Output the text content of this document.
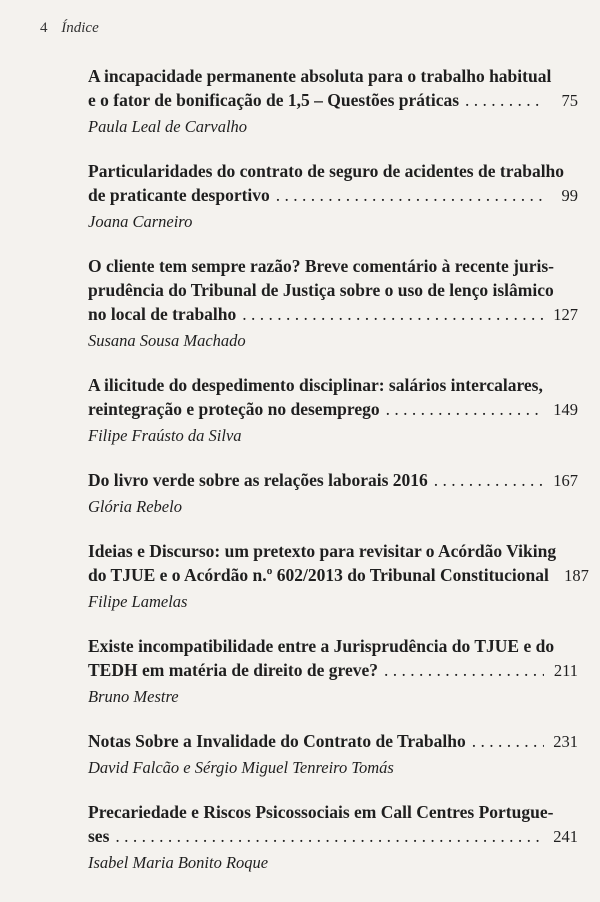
4 Índice
A incapacidade permanente absoluta para o trabalho habitual
e o fator de bonificação de 1,5 – Questões práticas . . .	75
Paula Leal de Carvalho
Particularidades do contrato de seguro de acidentes de trabalho
de praticante desportivo . . .	99
Joana Carneiro
O cliente tem sempre razão? Breve comentário à recente juris-
prudência do Tribunal de Justiça sobre o uso de lenço islâmico
no local de trabalho . . .	127
Susana Sousa Machado
A ilicitude do despedimento disciplinar: salários intercalares,
reintegração e proteção no desemprego . . .	149
Filipe Fraústo da Silva
Do livro verde sobre as relações laborais 2016 . . .	167
Glória Rebelo
Ideias e Discurso: um pretexto para revisitar o Acórdão Viking
do TJUE e o Acórdão n.º 602/2013 do Tribunal Constitucional 187
Filipe Lamelas
Existe incompatibilidade entre a Jurisprudência do TJUE e do
TEDH em matéria de direito de greve? . . .	211
Bruno Mestre
Notas Sobre a Invalidade do Contrato de Trabalho . . .	231
David Falcão e Sérgio Miguel Tenreiro Tomás
Precariedade e Riscos Psicossociais em Call Centres Portugue-
ses . . .	241
Isabel Maria Bonito Roque
